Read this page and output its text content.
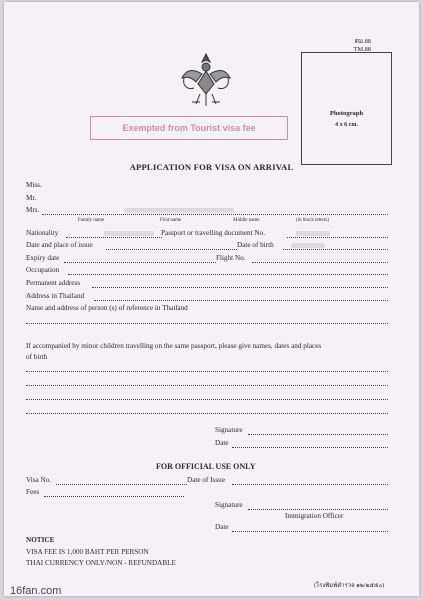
ตม.88
TM.88
Photograph
4 x 6 cm.
Exempted from Tourist visa fee
APPLICATION FOR VISA ON ARRIVAL
Miss.
Mr.
Mrs.
Family name	First name	Middle name	(in block letters)
Nationality	Passport or travelling document No.
Date and place of issue	Date of birth
Expiry date	Flight No.
Occupation
Permanent address
Address in Thailand
Name and address of person (s) of reference in Thailand
If accompanied by minor children travelling on the same passport, please give names, dates and places
of birth
Signature
Date
FOR OFFICIAL USE ONLY
Visa No.	Date of Issue
Fees
Signature
Immigration Officer
Date
NOTICE
VISA FEE IS 1,000 BAHT PER PERSON
THAI CURRENCY ONLY/NON - REFUNDABLE
(โรงพิมพ์ตำรวจ ๑๒/๒๕๕๐)
16fan.com
